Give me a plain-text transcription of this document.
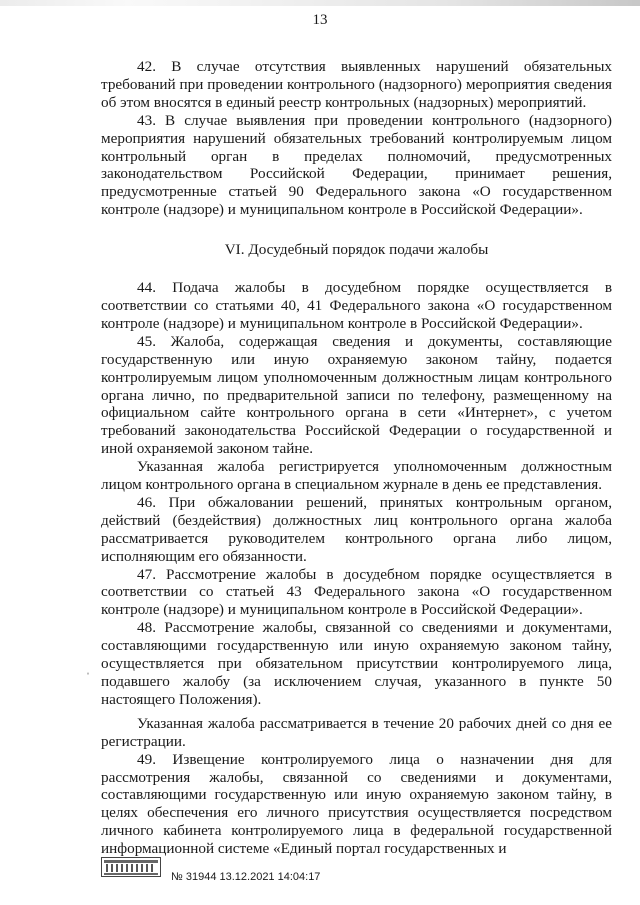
13

42. В случае отсутствия выявленных нарушений обязательных требований при проведении контрольного (надзорного) мероприятия сведения об этом вносятся в единый реестр контрольных (надзорных) мероприятий.

43. В случае выявления при проведении контрольного (надзорного) мероприятия нарушений обязательных требований контролируемым лицом контрольный орган в пределах полномочий, предусмотренных законодательством Российской Федерации, принимает решения, предусмотренные статьей 90 Федерального закона «О государственном контроле (надзоре) и муниципальном контроле в Российской Федерации».

VI. Досудебный порядок подачи жалобы

44. Подача жалобы в досудебном порядке осуществляется в соответствии со статьями 40, 41 Федерального закона «О государственном контроле (надзоре) и муниципальном контроле в Российской Федерации».

45. Жалоба, содержащая сведения и документы, составляющие государственную или иную охраняемую законом тайну, подается контролируемым лицом уполномоченным должностным лицам контрольного органа лично, по предварительной записи по телефону, размещенному на официальном сайте контрольного органа в сети «Интернет», с учетом требований законодательства Российской Федерации о государственной и иной охраняемой законом тайне.

Указанная жалоба регистрируется уполномоченным должностным лицом контрольного органа в специальном журнале в день ее представления.

46. При обжаловании решений, принятых контрольным органом, действий (бездействия) должностных лиц контрольного органа жалоба рассматривается руководителем контрольного органа либо лицом, исполняющим его обязанности.

47. Рассмотрение жалобы в досудебном порядке осуществляется в соответствии со статьей 43 Федерального закона «О государственном контроле (надзоре) и муниципальном контроле в Российской Федерации».

48. Рассмотрение жалобы, связанной со сведениями и документами, составляющими государственную или иную охраняемую законом тайну, осуществляется при обязательном присутствии контролируемого лица, подавшего жалобу (за исключением случая, указанного в пункте 50 настоящего Положения).

Указанная жалоба рассматривается в течение 20 рабочих дней со дня ее регистрации.

49. Извещение контролируемого лица о назначении дня для рассмотрения жалобы, связанной со сведениями и документами, составляющими государственную или иную охраняемую законом тайну, в целях обеспечения его личного присутствия осуществляется посредством личного кабинета контролируемого лица в федеральной государственной информационной системе «Единый портал государственных и

ˌ
№ 31944 13.12.2021 14:04:17
